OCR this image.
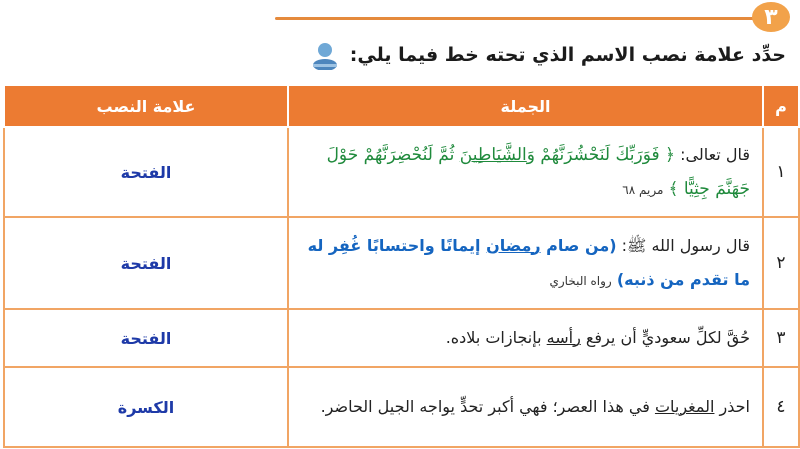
٣
حدِّد علامة نصب الاسم الذي تحته خط فيما يلي:
م	الجملة	علامة النصب
١	قال تعالى: ﴿ فَوَرَبِّكَ لَنَحْشُرَنَّهُمْ وَالشَّيَاطِينَ ثُمَّ لَنُحْضِرَنَّهُمْ حَوْلَ جَهَنَّمَ جِثِيًّا ﴾ مريم ٦٨	الفتحة
٢	قال رسول الله ﷺ: (من صام رمضان إيمانًا واحتسابًا غُفِر له ما تقدم من ذنبه) رواه البخاري	الفتحة
٣	حُقَّ لكلِّ سعوديٍّ أن يرفع رأسه بإنجازات بلاده.	الفتحة
٤	احذر المغريات في هذا العصر؛ فهي أكبر تحدٍّ يواجه الجيل الحاضر.	الكسرة
